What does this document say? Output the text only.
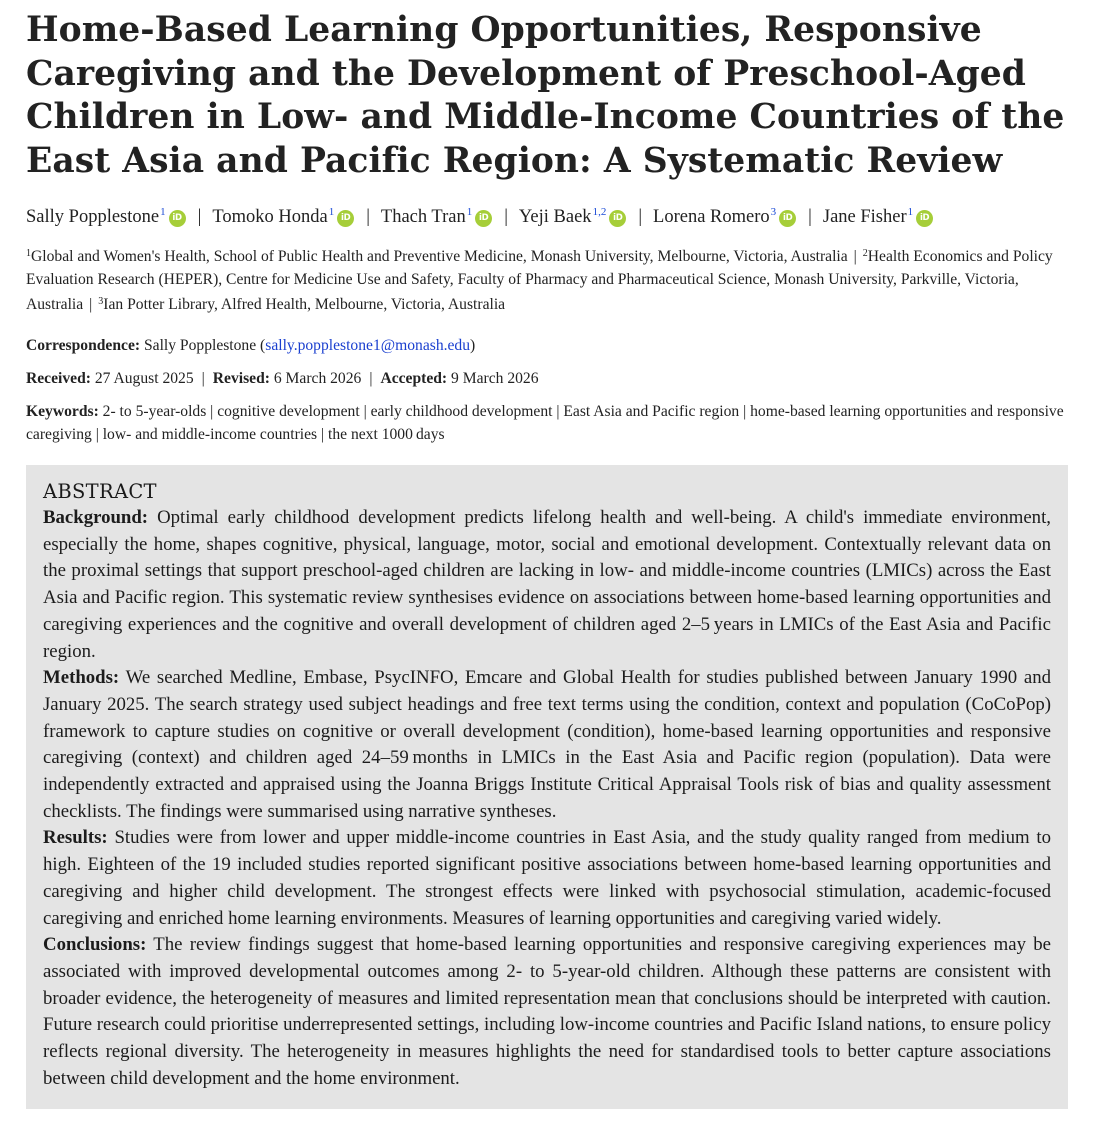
Home-Based Learning Opportunities, Responsive Caregiving and the Development of Preschool-Aged Children in Low- and Middle-Income Countries of the East Asia and Pacific Region: A Systematic Review
Sally Popplestone$^1$ iD | Tomoko Honda$^1$ iD | Thach Tran$^1$ iD | Yeji Baek$^{1,2}$ iD | Lorena Romero$^3$ iD | Jane Fisher$^1$ iD
$^1$Global and Women's Health, School of Public Health and Preventive Medicine, Monash University, Melbourne, Victoria, Australia | $^2$Health Economics and Policy Evaluation Research (HEPER), Centre for Medicine Use and Safety, Faculty of Pharmacy and Pharmaceutical Science, Monash University, Parkville, Victoria, Australia | $^3$Ian Potter Library, Alfred Health, Melbourne, Victoria, Australia
Correspondence: Sally Popplestone (sally.popplestone1@monash.edu)
Received: 27 August 2025 | Revised: 6 March 2026 | Accepted: 9 March 2026
Keywords: 2- to 5-year-olds | cognitive development | early childhood development | East Asia and Pacific region | home-based learning opportunities and responsive caregiving | low- and middle-income countries | the next 1000 days
ABSTRACT

Background: Optimal early childhood development predicts lifelong health and well-being. A child's immediate environment, especially the home, shapes cognitive, physical, language, motor, social and emotional development. Contextually relevant data on the proximal settings that support preschool-aged children are lacking in low- and middle-income countries (LMICs) across the East Asia and Pacific region. This systematic review synthesises evidence on associations between home-based learning opportunities and caregiving experiences and the cognitive and overall development of children aged 2–5 years in LMICs of the East Asia and Pacific region.
Methods: We searched Medline, Embase, PsycINFO, Emcare and Global Health for studies published between January 1990 and January 2025. The search strategy used subject headings and free text terms using the condition, context and population (CoCoPop) framework to capture studies on cognitive or overall development (condition), home-based learning opportunities and responsive caregiving (context) and children aged 24–59 months in LMICs in the East Asia and Pacific region (population). Data were independently extracted and appraised using the Joanna Briggs Institute Critical Appraisal Tools risk of bias and quality assessment checklists. The findings were summarised using narrative syntheses.
Results: Studies were from lower and upper middle-income countries in East Asia, and the study quality ranged from medium to high. Eighteen of the 19 included studies reported significant positive associations between home-based learning opportunities and caregiving and higher child development. The strongest effects were linked with psychosocial stimulation, academic-focused caregiving and enriched home learning environments. Measures of learning opportunities and caregiving varied widely.
Conclusions: The review findings suggest that home-based learning opportunities and responsive caregiving experiences may be associated with improved developmental outcomes among 2- to 5-year-old children. Although these patterns are consistent with broader evidence, the heterogeneity of measures and limited representation mean that conclusions should be interpreted with caution. Future research could prioritise underrepresented settings, including low-income countries and Pacific Island nations, to ensure policy reflects regional diversity. The heterogeneity in measures highlights the need for standardised tools to better capture associations between child development and the home environment.
